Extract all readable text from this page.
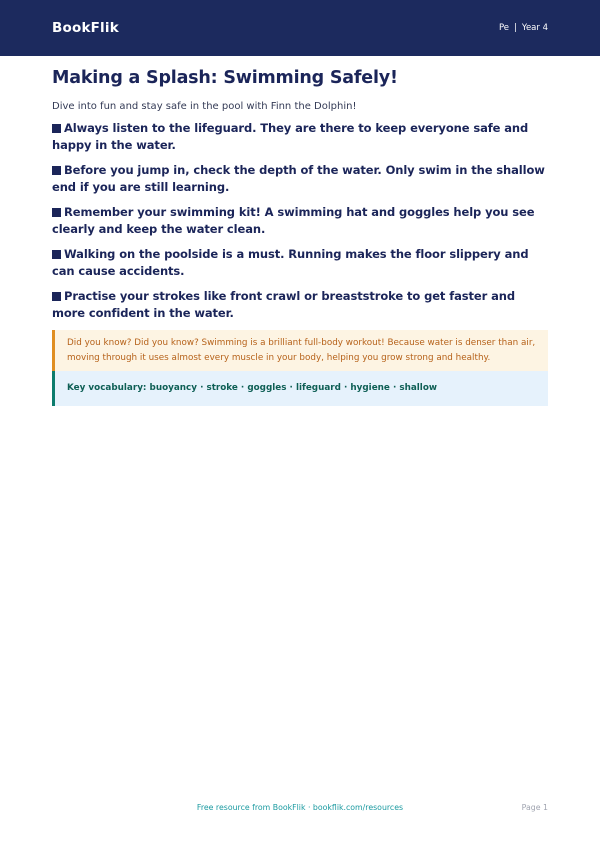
BookFlik	Pe | Year 4
Making a Splash: Swimming Safely!

Dive into fun and stay safe in the pool with Finn the Dolphin!

Always listen to the lifeguard. They are there to keep everyone safe and happy in the water.
Before you jump in, check the depth of the water. Only swim in the shallow end if you are still learning.
Remember your swimming kit! A swimming hat and goggles help you see clearly and keep the water clean.
Walking on the poolside is a must. Running makes the floor slippery and can cause accidents.
Practise your strokes like front crawl or breaststroke to get faster and more confident in the water.
Did you know? Did you know? Swimming is a brilliant full-body workout! Because water is denser than air, moving through it uses almost every muscle in your body, helping you grow strong and healthy.
Key vocabulary: buoyancy · stroke · goggles · lifeguard · hygiene · shallow
Free resource from BookFlik · bookflik.com/resources	Page 1
